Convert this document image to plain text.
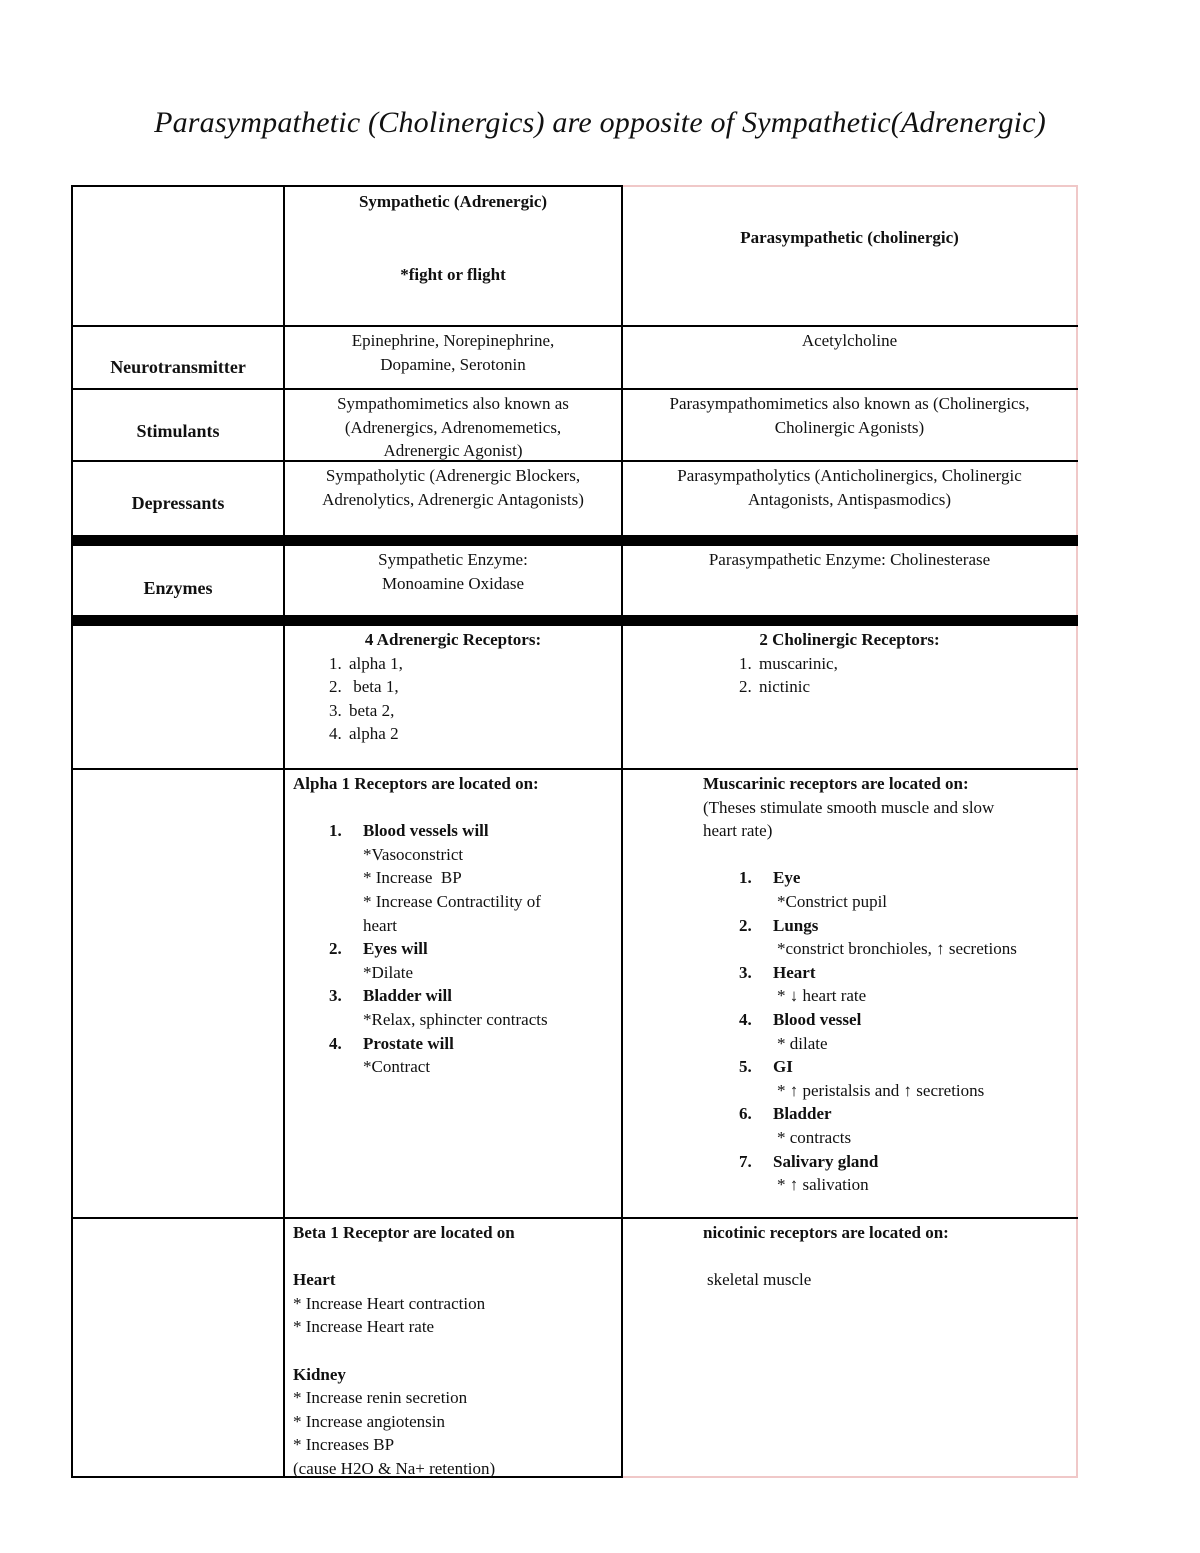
Parasympathetic (Cholinergics) are opposite of Sympathetic(Adrenergic)

Sympathetic (Adrenergic)

*fight or flight

Parasympathetic (cholinergic)

Neurotransmitter

Epinephrine, Norepinephrine,

Dopamine, Serotonin

Acetylcholine

Stimulants

Sympathomimetics also known as

(Adrenergics, Adrenomemetics,

Adrenergic Agonist)

Parasympathomimetics also known as (Cholinergics,

Cholinergic Agonists)

Depressants

Sympatholytic (Adrenergic Blockers,

Adrenolytics, Adrenergic Antagonists)

Parasympatholytics (Anticholinergics, Cholinergic

Antagonists, Antispasmodics)

Enzymes

Sympathetic Enzyme:

Monoamine Oxidase

Parasympathetic Enzyme: Cholinesterase

4 Adrenergic Receptors:

1. alpha 1,
2. beta 1,
3. beta 2,
4. alpha 2

2 Cholinergic Receptors:

1. muscarinic,
2. nictinic

Alpha 1 Receptors are located on:

1. Blood vessels will

*Vasoconstrict

* Increase  BP

* Increase Contractility of

heart

2. Eyes will

*Dilate

3. Bladder will

*Relax, sphincter contracts

4. Prostate will

*Contract

Muscarinic receptors are located on:

(Theses stimulate smooth muscle and slow

heart rate)

1. Eye

*Constrict pupil

2. Lungs

*constrict bronchioles, ↑ secretions

3. Heart

* ↓ heart rate

4. Blood vessel

* dilate

5. GI

* ↑ peristalsis and ↑ secretions

6. Bladder

* contracts

7. Salivary gland

* ↑ salivation

Beta 1 Receptor are located on

Heart

* Increase Heart contraction

* Increase Heart rate

Kidney

* Increase renin secretion

* Increase angiotensin

* Increases BP

(cause H2O & Na+ retention)

nicotinic receptors are located on:

skeletal muscle
